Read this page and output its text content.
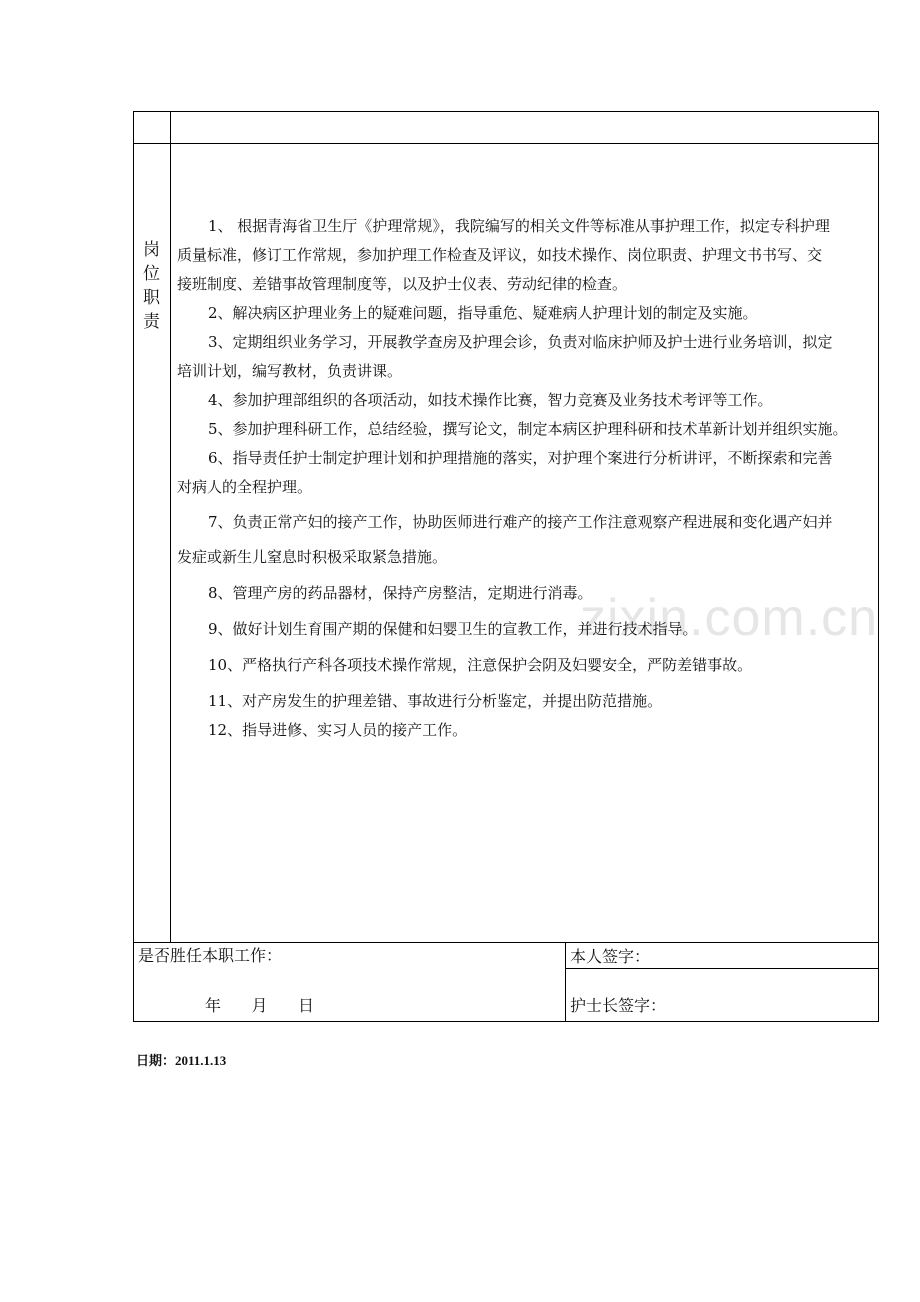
zixin.com.cn
岗
位
职
责

1、 根据青海省卫生厅《护理常规》，我院编写的相关文件等标准从事护理工作，拟定专科护理

质量标准，修订工作常规，参加护理工作检查及评议，如技术操作、岗位职责、护理文书书写、交

接班制度、差错事故管理制度等，以及护士仪表、劳动纪律的检查。

2、解决病区护理业务上的疑难问题，指导重危、疑难病人护理计划的制定及实施。

3、定期组织业务学习，开展教学查房及护理会诊，负责对临床护师及护士进行业务培训，拟定

培训计划，编写教材，负责讲课。

4、参加护理部组织的各项活动，如技术操作比赛，智力竞赛及业务技术考评等工作。

5、参加护理科研工作，总结经验，撰写论文，制定本病区护理科研和技术革新计划并组织实施。

6、指导责任护士制定护理计划和护理措施的落实，对护理个案进行分析讲评，不断探索和完善

对病人的全程护理。

7、负责正常产妇的接产工作，协助医师进行难产的接产工作注意观察产程进展和变化遇产妇并

发症或新生儿窒息时积极采取紧急措施。

8、管理产房的药品器材，保持产房整洁，定期进行消毒。

9、做好计划生育围产期的保健和妇婴卫生的宣教工作，并进行技术指导。

10、严格执行产科各项技术操作常规，注意保护会阴及妇婴安全，严防差错事故。

11、对产房发生的护理差错、事故进行分析鉴定，并提出防范措施。

12、指导进修、实习人员的接产工作。

是否胜任本职工作：
年      月      日
本人签字：
护士长签字：
日期：2011.1.13
